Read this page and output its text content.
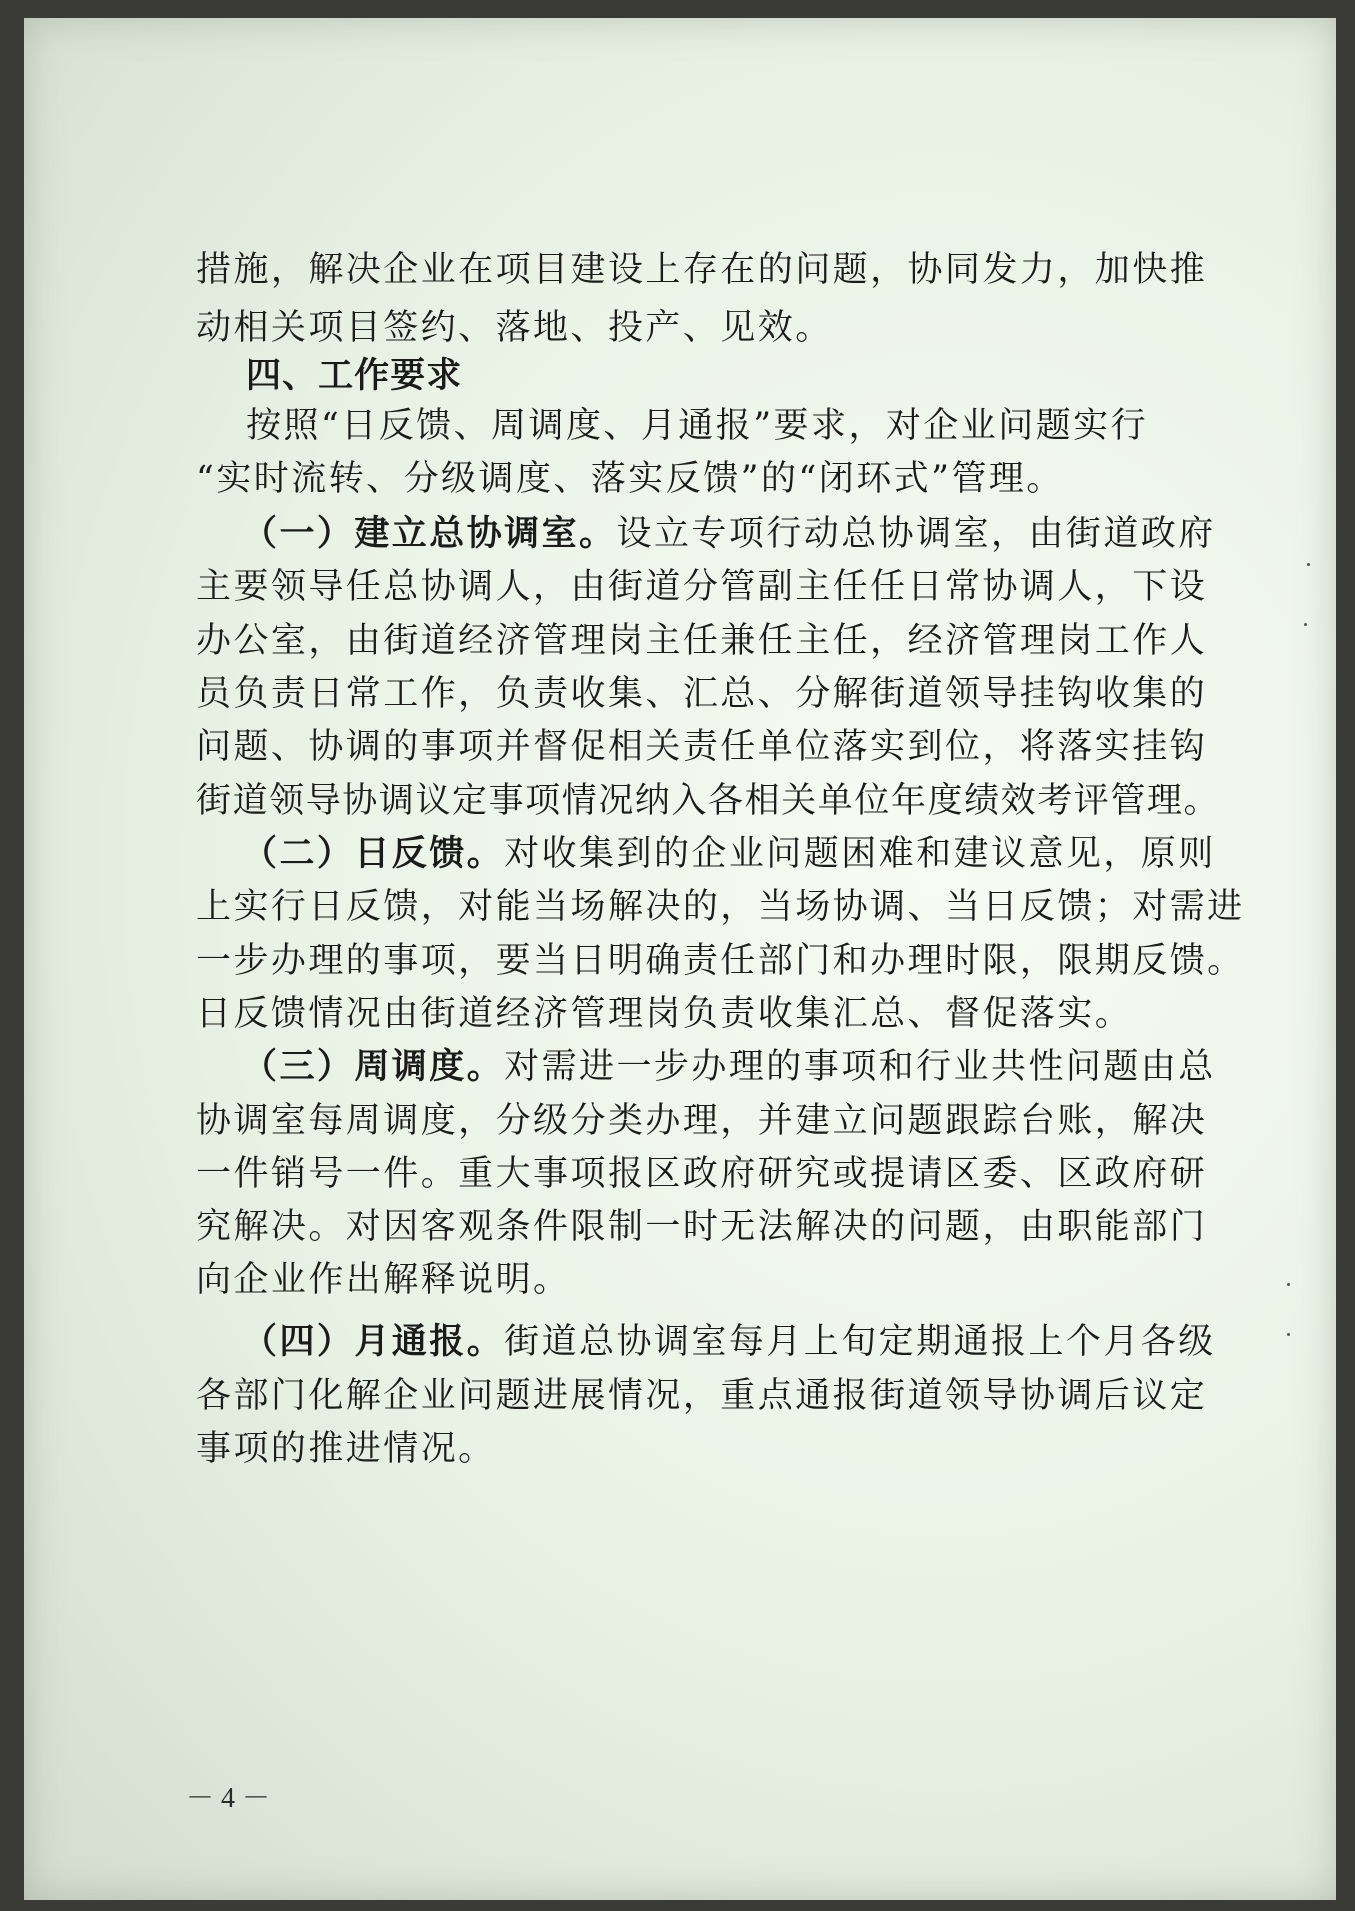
措施，解决企业在项目建设上存在的问题，协同发力，加快推
动相关项目签约、落地、投产、见效。
四、工作要求
按照“日反馈、周调度、月通报”要求，对企业问题实行
“实时流转、分级调度、落实反馈”的“闭环式”管理。
（一）建立总协调室。设立专项行动总协调室，由街道政府
主要领导任总协调人，由街道分管副主任任日常协调人，下设
办公室，由街道经济管理岗主任兼任主任，经济管理岗工作人
员负责日常工作，负责收集、汇总、分解街道领导挂钩收集的
问题、协调的事项并督促相关责任单位落实到位，将落实挂钩
街道领导协调议定事项情况纳入各相关单位年度绩效考评管理。
（二）日反馈。对收集到的企业问题困难和建议意见，原则
上实行日反馈，对能当场解决的，当场协调、当日反馈；对需进
一步办理的事项，要当日明确责任部门和办理时限，限期反馈。
日反馈情况由街道经济管理岗负责收集汇总、督促落实。
（三）周调度。对需进一步办理的事项和行业共性问题由总
协调室每周调度，分级分类办理，并建立问题跟踪台账，解决
一件销号一件。重大事项报区政府研究或提请区委、区政府研
究解决。对因客观条件限制一时无法解决的问题，由职能部门
向企业作出解释说明。
（四）月通报。街道总协调室每月上旬定期通报上个月各级
各部门化解企业问题进展情况，重点通报街道领导协调后议定
事项的推进情况。
－ 4 －
